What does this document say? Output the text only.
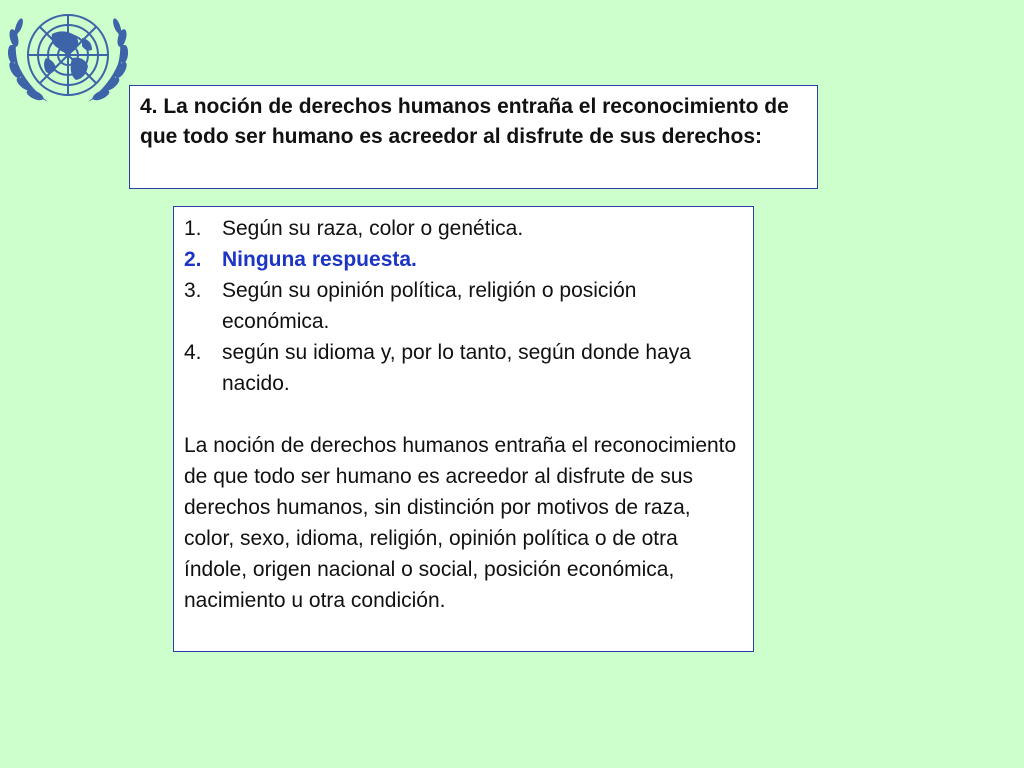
4. La noción de derechos humanos entraña el reconocimiento de que todo ser humano es acreedor al disfrute de sus derechos:
1. Según su raza, color o genética.
2. Ninguna respuesta.
3. Según su opinión política, religión o posición económica.
4. según su idioma y, por lo tanto, según donde haya nacido.

La noción de derechos humanos entraña el reconocimiento de que todo ser humano es acreedor al disfrute de sus derechos humanos, sin distinción por motivos de raza, color, sexo, idioma, religión, opinión política o de otra índole, origen nacional o social, posición económica, nacimiento u otra condición.
